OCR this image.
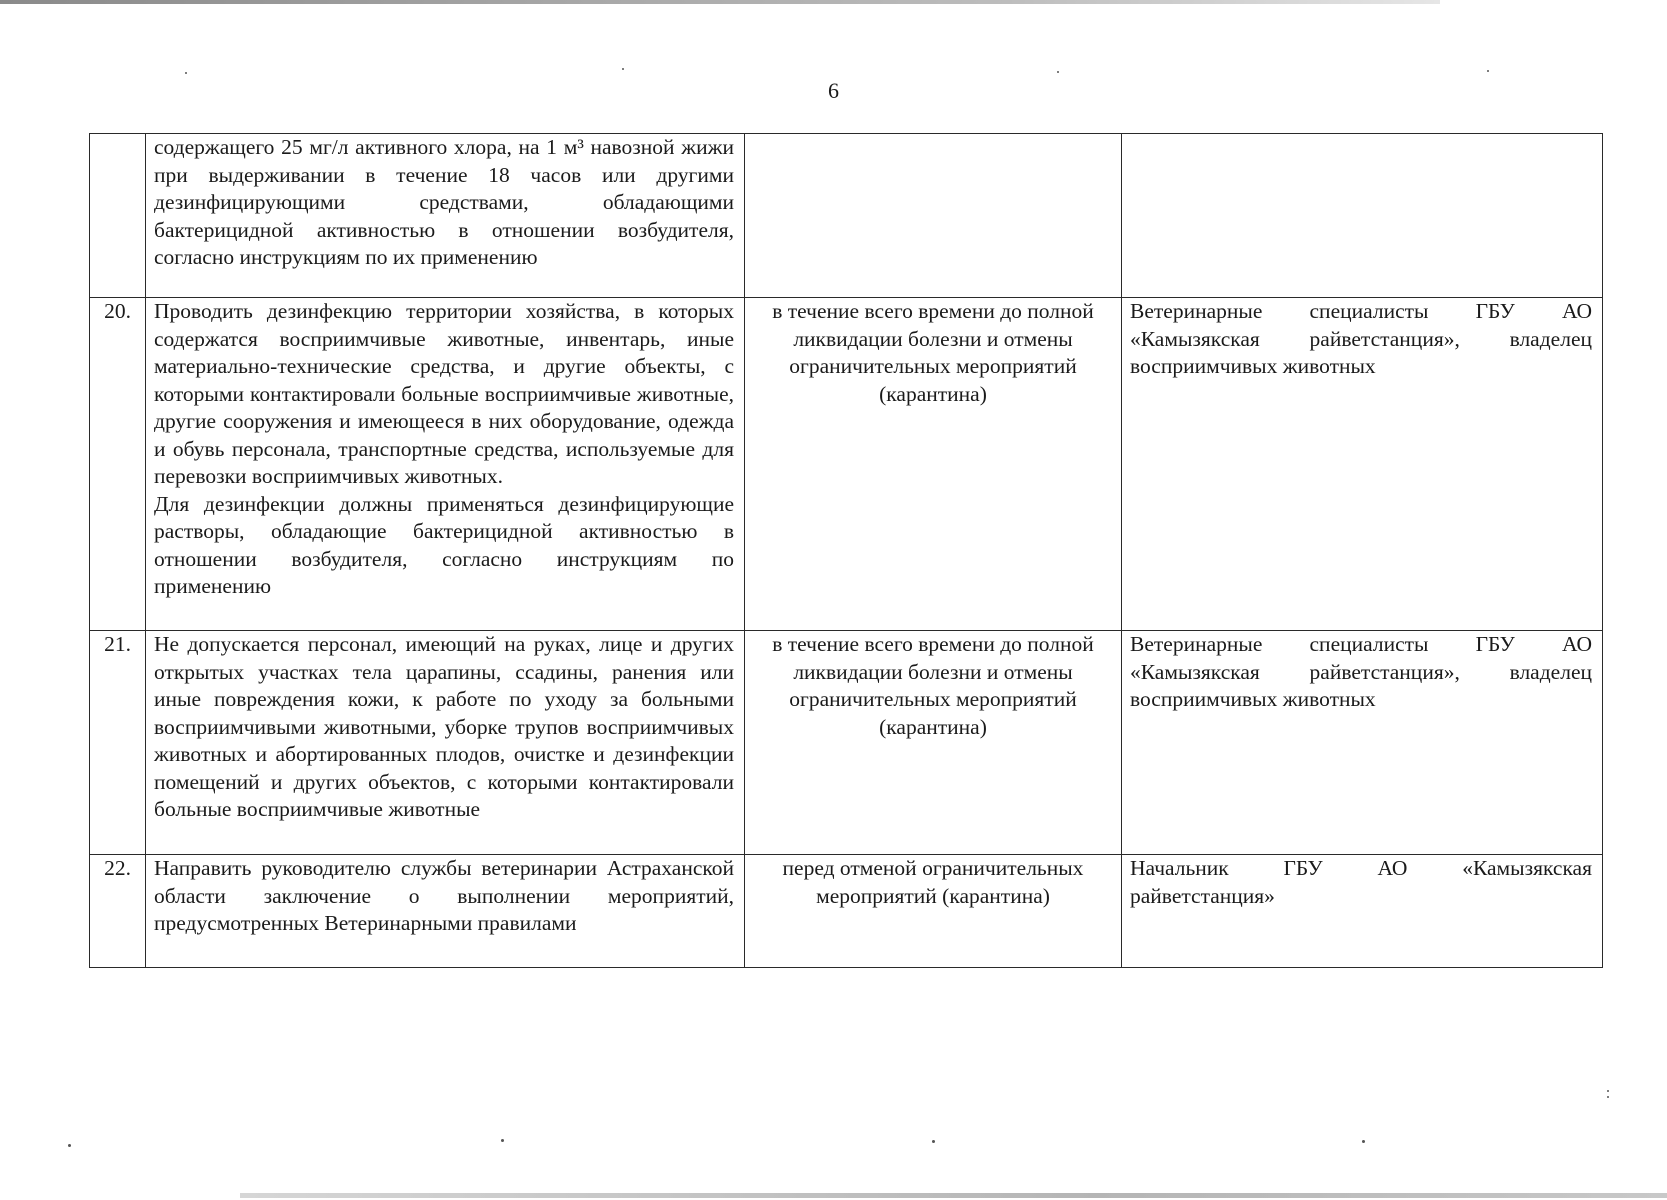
6

	содержащего 25 мг/л активного хлора, на 1 м³ навозной жижи при выдерживании в течение 18 часов или другими дезинфицирующими средствами, обладающими бактерицидной активностью в отношении возбудителя, согласно инструкциям по их применению		

20.	Проводить дезинфекцию территории хозяйства, в которых содержатся восприимчивые животные, инвентарь, иные материально-технические средства, и другие объекты, с которыми контактировали больные восприимчивые животные, другие сооружения и имеющееся в них оборудование, одежда и обувь персонала, транспортные средства, используемые для перевозки восприимчивых животных.
Для дезинфекции должны применяться дезинфицирующие растворы, обладающие бактерицидной активностью в отношении возбудителя, согласно инструкциям по применению	в течение всего времени до полной ликвидации болезни и отмены ограничительных мероприятий (карантина)	Ветеринарные специалисты ГБУ АО «Камызякская райветстанция», владелец восприимчивых животных
21.	Не допускается персонал, имеющий на руках, лице и других открытых участках тела царапины, ссадины, ранения или иные повреждения кожи, к работе по уходу за больными восприимчивыми животными, уборке трупов восприимчивых животных и абортированных плодов, очистке и дезинфекции помещений и других объектов, с которыми контактировали больные восприимчивые животные	в течение всего времени до полной ликвидации болезни и отмены ограничительных мероприятий (карантина)	Ветеринарные специалисты ГБУ АО «Камызякская райветстанция», владелец восприимчивых животных
22.	Направить руководителю службы ветеринарии Астраханской области заключение о выполнении мероприятий, предусмотренных Ветеринарными правилами	перед отменой ограничительных мероприятий (карантина)	Начальник ГБУ АО «Камызякская райветстанция»
